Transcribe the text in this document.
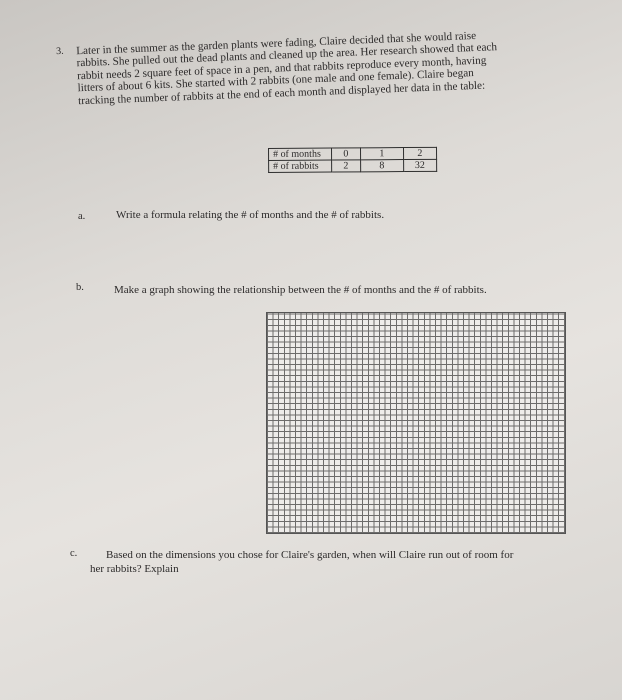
3. Later in the summer as the garden plants were fading, Claire decided that she would raise rabbits. She pulled out the dead plants and cleaned up the area. Her research showed that each rabbit needs 2 square feet of space in a pen, and that rabbits reproduce every month, having litters of about 6 kits. She started with 2 rabbits (one male and one female). Claire began tracking the number of rabbits at the end of each month and displayed her data in the table:
# of months	0	1	2
# of rabbits	2	8	32
a.	Write a formula relating the # of months and the # of rabbits.
b.	Make a graph showing the relationship between the # of months and the # of rabbits.
c.	Based on the dimensions you chose for Claire's garden, when will Claire run out of room for her rabbits? Explain
